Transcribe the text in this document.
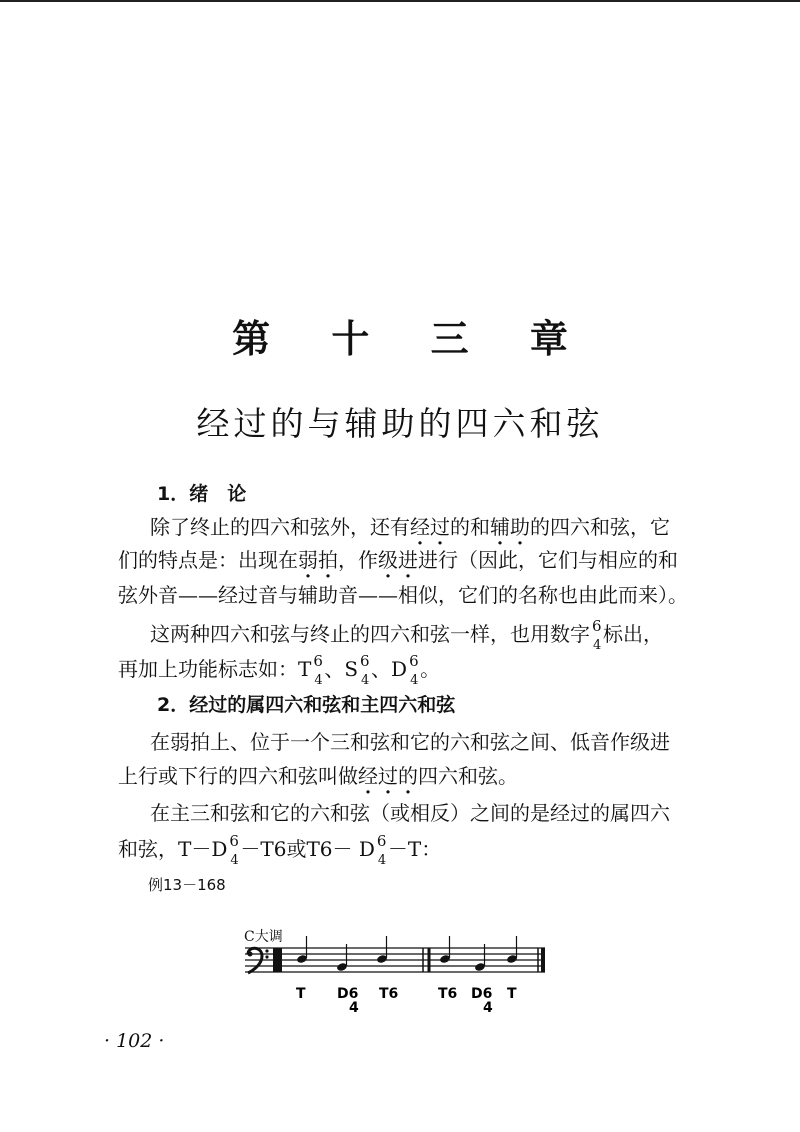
第 十 三 章
经过的与辅助的四六和弦
1．绪　论
除了终止的四六和弦外，还有经过的和辅助的四六和弦，它
们的特点是：出现在弱拍，作级进进行（因此，它们与相应的和
弦外音——经过音与辅助音——相似，它们的名称也由此而来）。
这两种四六和弦与终止的四六和弦一样，也用数字 6
4 标出，
再加上功能标志如：T 6
4 、S 6
4 、D 6
4 。
2．经过的属四六和弦和主四六和弦
在弱拍上、位于一个三和弦和它的六和弦之间、低音作级进
上行或下行的四六和弦叫做经过的四六和弦。
在主三和弦和它的六和弦（或相反）之间的是经过的属四六
和弦，T－D 6
4 －T6或T6－ D 6
4 －T：
例13－168
C大调
T D6
4
T6	T6 D6
4
T
· 102 ·
